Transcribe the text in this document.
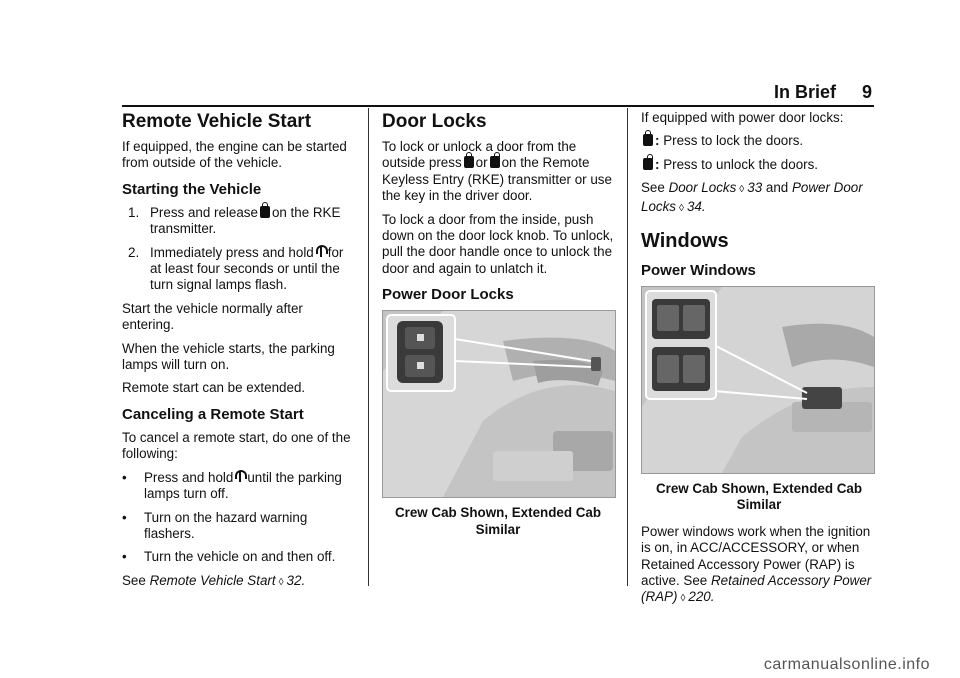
In Brief 9
Remote Vehicle Start

If equipped, the engine can be started from outside of the vehicle.

Starting the Vehicle
1. Press and release on the RKE transmitter.
2. Immediately press and hold for at least four seconds or until the turn signal lamps flash.

Start the vehicle normally after entering.

When the vehicle starts, the parking lamps will turn on.

Remote start can be extended.

Canceling a Remote Start

To cancel a remote start, do one of the following:

•	Press and hold until the parking lamps turn off.
•	Turn on the hazard warning flashers.
•	Turn the vehicle on and then off.

See Remote Vehicle Start ◊ 32.

Door Locks

To lock or unlock a door from the outside press or on the Remote Keyless Entry (RKE) transmitter or use the key in the driver door.

To lock a door from the inside, push down on the door lock knob. To unlock, pull the door handle once to unlock the door and again to unlatch it.

Power Door Locks
Crew Cab Shown, Extended Cab Similar

If equipped with power door locks:

: Press to lock the doors.

: Press to unlock the doors.

See Door Locks ◊ 33 and Power Door Locks ◊ 34.

Windows
Power Windows
Crew Cab Shown, Extended Cab Similar

Power windows work when the ignition is on, in ACC/ACCESSORY, or when Retained Accessory Power (RAP) is active. See Retained Accessory Power (RAP) ◊ 220.

carmanualsonline.info
